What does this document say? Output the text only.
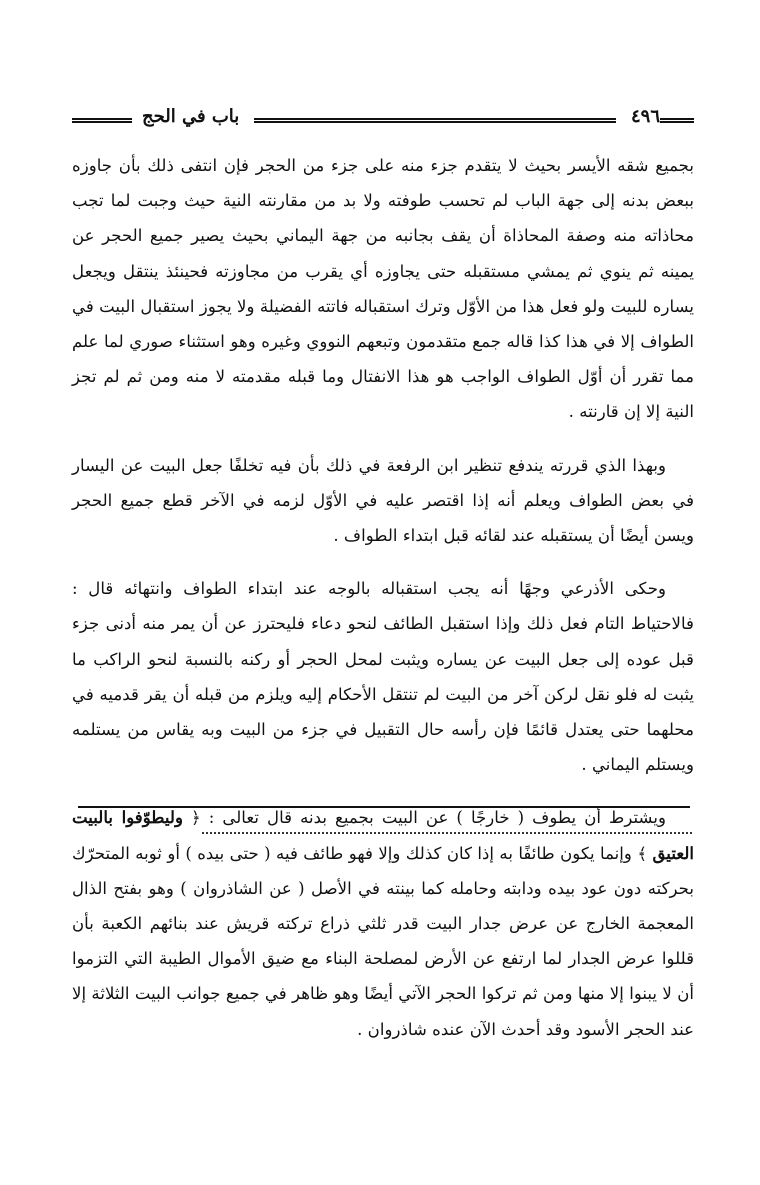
باب في الحج	٤٩٦

بجميع شقه الأيسر بحيث لا يتقدم جزء منه على جزء من الحجر فإن انتفى ذلك بأن جاوزه ببعض بدنه إلى جهة الباب لم تحسب طوفته ولا بد من مقارنته النية حيث وجبت لما تجب محاذاته منه وصفة المحاذاة أن يقف بجانبه من جهة اليماني بحيث يصير جميع الحجر عن يمينه ثم ينوي ثم يمشي مستقبله حتى يجاوزه أي يقرب من مجاوزته فحينئذ ينتقل ويجعل يساره للبيت ولو فعل هذا من الأوّل وترك استقباله فاتته الفضيلة ولا يجوز استقبال البيت في الطواف إلا في هذا كذا قاله جمع متقدمون وتبعهم النووي وغيره وهو استثناء صوري لما علم مما تقرر أن أوّل الطواف الواجب هو هذا الانفتال وما قبله مقدمته لا منه ومن ثم لم تجز النية إلا إن قارنته .

وبهذا الذي قررته يندفع تنظير ابن الرفعة في ذلك بأن فيه تخلفًا جعل البيت عن اليسار في بعض الطواف ويعلم أنه إذا اقتصر عليه في الأوّل لزمه في الآخر قطع جميع الحجر ويسن أيضًا أن يستقبله عند لقائه قبل ابتداء الطواف .

وحكى الأذرعي وجهًا أنه يجب استقباله بالوجه عند ابتداء الطواف وانتهائه قال : فالاحتياط التام فعل ذلك وإذا استقبل الطائف لنحو دعاء فليحترز عن أن يمر منه أدنى جزء قبل عوده إلى جعل البيت عن يساره ويثبت لمحل الحجر أو ركنه بالنسبة لنحو الراكب ما يثبت له فلو نقل لركن آخر من البيت لم تنتقل الأحكام إليه ويلزم من قبله أن يقر قدميه في محلهما حتى يعتدل قائمًا فإن رأسه حال التقبيل في جزء من البيت وبه يقاس من يستلمه ويستلم اليماني .

ويشترط أن يطوف ( خارجًا ) عن البيت بجميع بدنه قال تعالى : ﴿ وليطوّفوا بالبيت العتيق ﴾ وإنما يكون طائفًا به إذا كان كذلك وإلا فهو طائف فيه ( حتى بيده ) أو ثوبه المتحرّك بحركته دون عود بيده ودابته وحامله كما بينته في الأصل ( عن الشاذروان ) وهو بفتح الذال المعجمة الخارج عن عرض جدار البيت قدر ثلثي ذراع تركته قريش عند بنائهم الكعبة بأن قللوا عرض الجدار لما ارتفع عن الأرض لمصلحة البناء مع ضيق الأموال الطيبة التي التزموا أن لا يبنوا إلا منها ومن ثم تركوا الحجر الآتي أيضًا وهو ظاهر في جميع جوانب البيت الثلاثة إلا عند الحجر الأسود وقد أحدث الآن عنده شاذروان .
